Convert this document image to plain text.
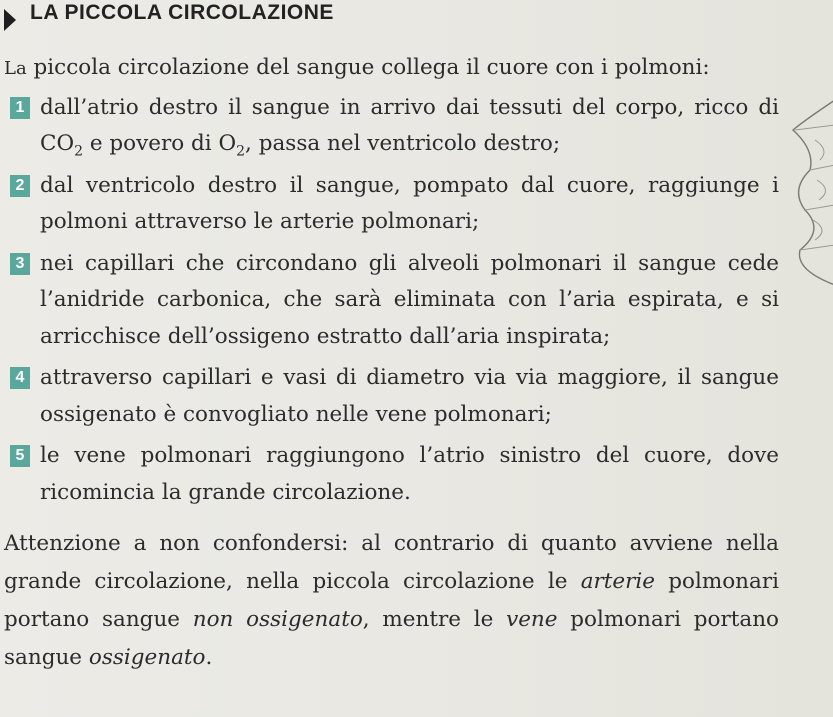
LA PICCOLA CIRCOLAZIONE

La piccola circolazione del sangue collega il cuore con i polmoni:

1 dall’atrio destro il sangue in arrivo dai tessuti del corpo, ricco di $CO_2$ e povero di $O_2$, passa nel ventricolo destro;
2 dal ventricolo destro il sangue, pompato dal cuore, raggiunge i polmoni attraverso le arterie polmonari;
3 nei capillari che circondano gli alveoli polmonari il sangue cede l’anidride carbonica, che sarà eliminata con l’aria espirata, e si arricchisce dell’ossigeno estratto dall’aria inspirata;
4 attraverso capillari e vasi di diametro via via maggiore, il sangue ossigenato è convogliato nelle vene polmonari;
5 le vene polmonari raggiungono l’atrio sinistro del cuore, dove ricomincia la grande circolazione.

Attenzione a non confondersi: al contrario di quanto avviene nella grande circolazione, nella piccola circolazione le arterie polmonari portano sangue non ossigenato, mentre le vene polmonari portano sangue ossigenato.
